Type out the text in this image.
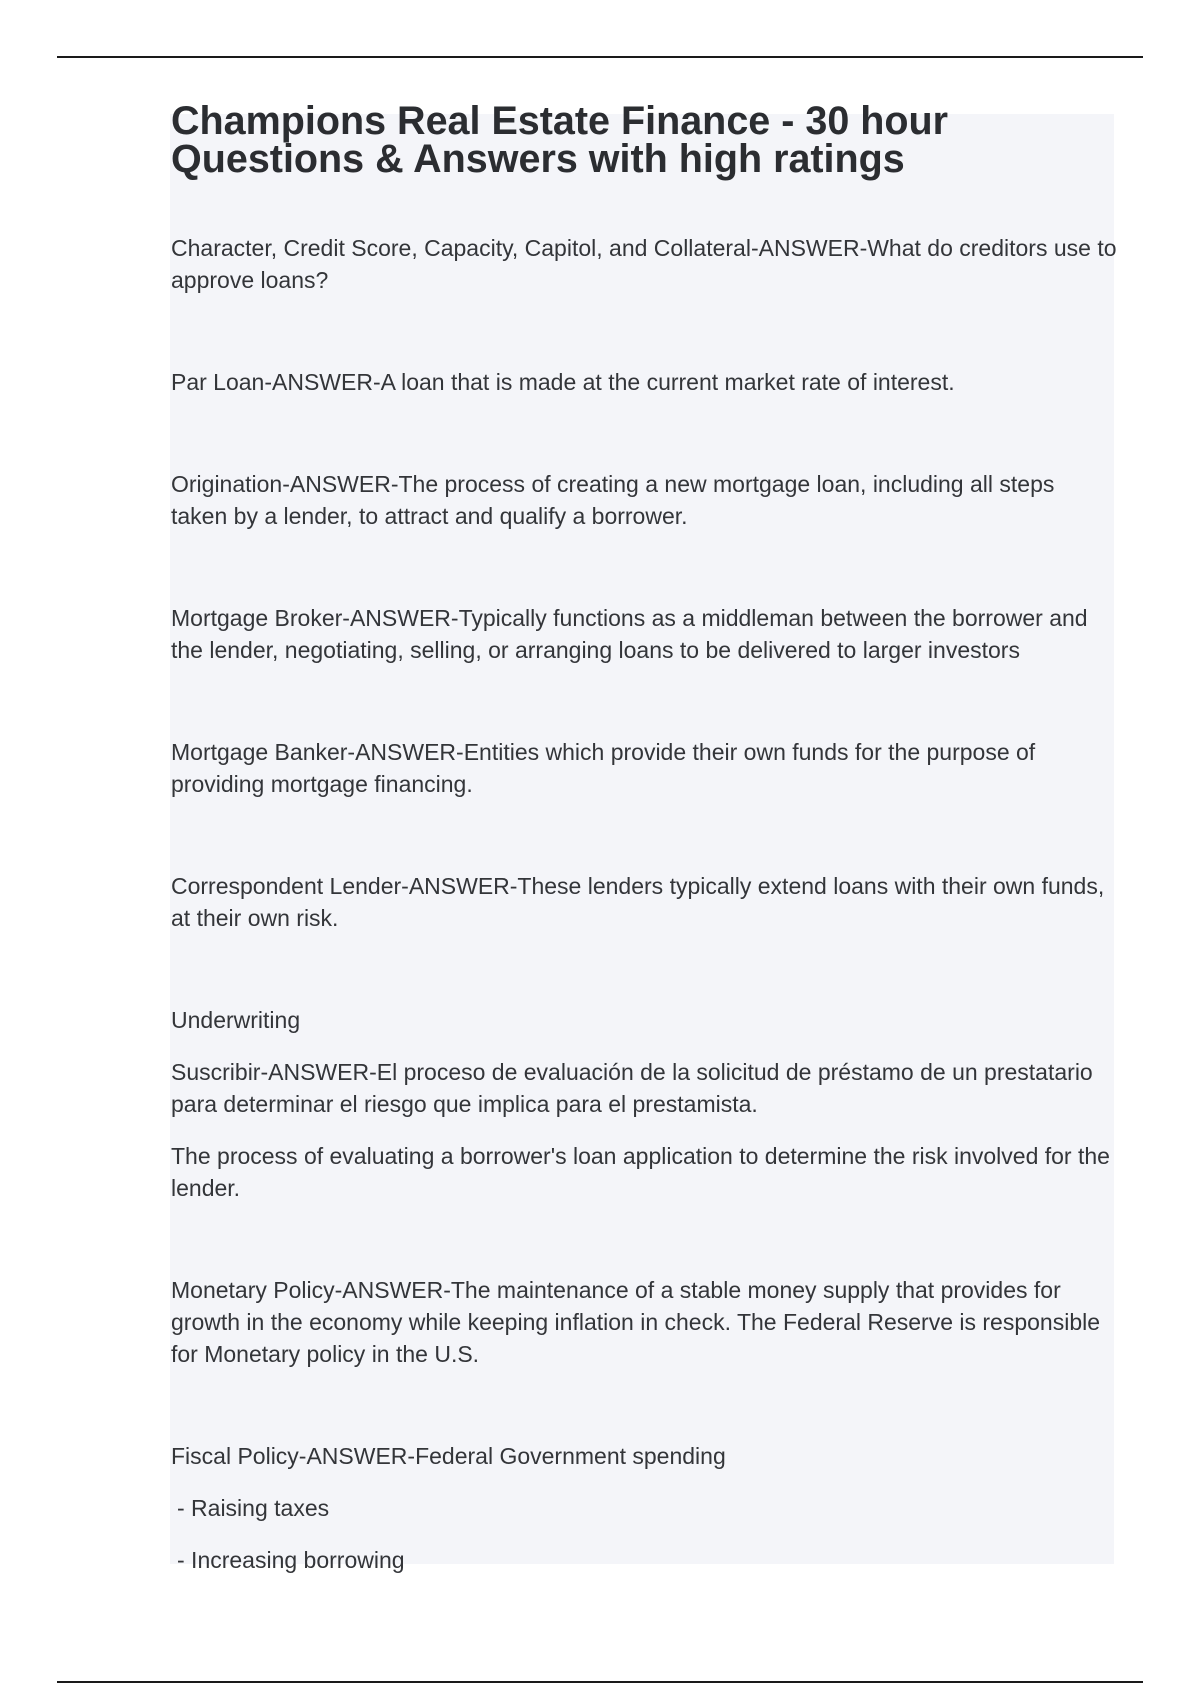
Champions Real Estate Finance - 30 hour
Questions & Answers with high ratings

Character, Credit Score, Capacity, Capitol, and Collateral-ANSWER-What do creditors use to approve loans?

Par Loan-ANSWER-A loan that is made at the current market rate of interest.

Origination-ANSWER-The process of creating a new mortgage loan, including all steps taken by a lender, to attract and qualify a borrower.

Mortgage Broker-ANSWER-Typically functions as a middleman between the borrower and the lender, negotiating, selling, or arranging loans to be delivered to larger investors

Mortgage Banker-ANSWER-Entities which provide their own funds for the purpose of providing mortgage financing.

Correspondent Lender-ANSWER-These lenders typically extend loans with their own funds, at their own risk.

Underwriting

Suscribir-ANSWER-El proceso de evaluación de la solicitud de préstamo de un prestatario para determinar el riesgo que implica para el prestamista.

The process of evaluating a borrower's loan application to determine the risk involved for the lender.

Monetary Policy-ANSWER-The maintenance of a stable money supply that provides for growth in the economy while keeping inflation in check. The Federal Reserve is responsible for Monetary policy in the U.S.

Fiscal Policy-ANSWER-Federal Government spending

- Raising taxes

- Increasing borrowing
